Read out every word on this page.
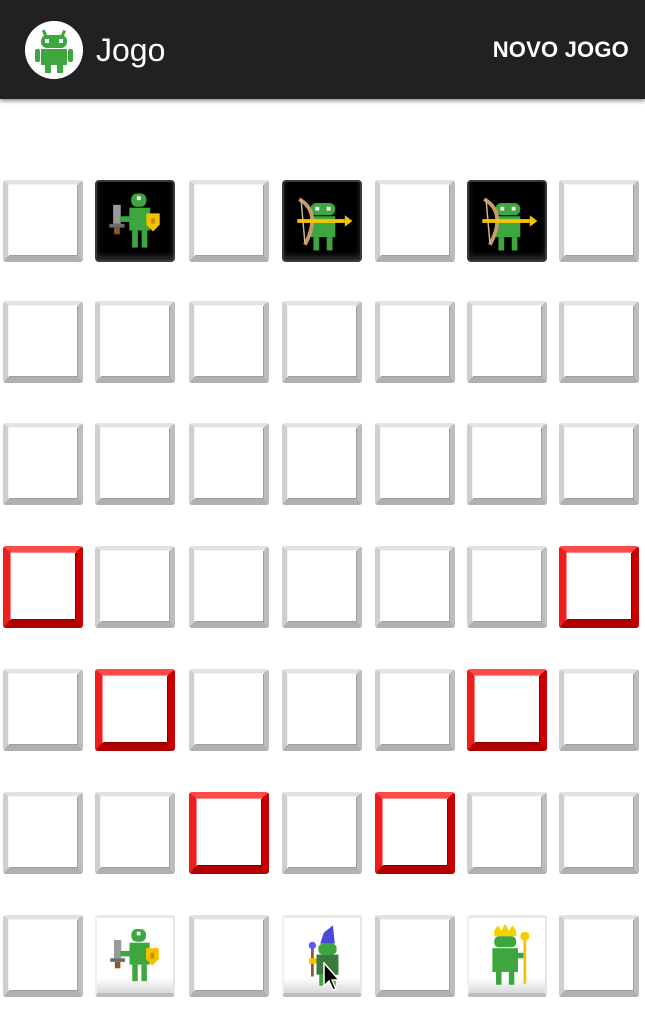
Jogo	NOVO JOGO
